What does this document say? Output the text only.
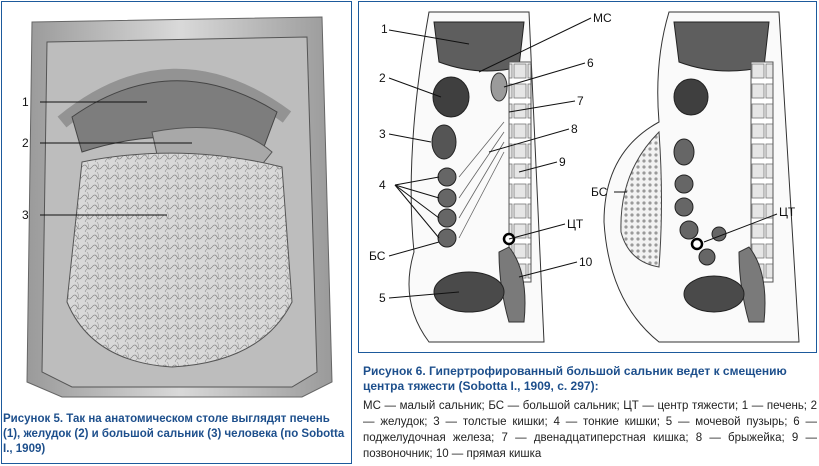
1
2
3
Рисунок 5. Так на анатомическом столе выглядят печень (1), желудок (2) и большой сальник (3) человека (по Sobotta I., 1909)
1
МС
6
2
7
8
3
9
4
БС
ЦТ
10
5
БС
ЦТ
Рисунок 6. Гипертрофированный большой сальник ведет к смещению центра тяжести (Sobotta I., 1909, с. 297):
МС — малый сальник; БС — большой сальник; ЦТ — центр тяжести; 1 — печень; 2 — желудок; 3 — толстые кишки; 4 — тонкие кишки; 5 — мочевой пузырь; 6 — поджелудочная железа; 7 — двенадцатиперстная кишка; 8 — брыжейка; 9 — позвоночник; 10 — прямая кишка
